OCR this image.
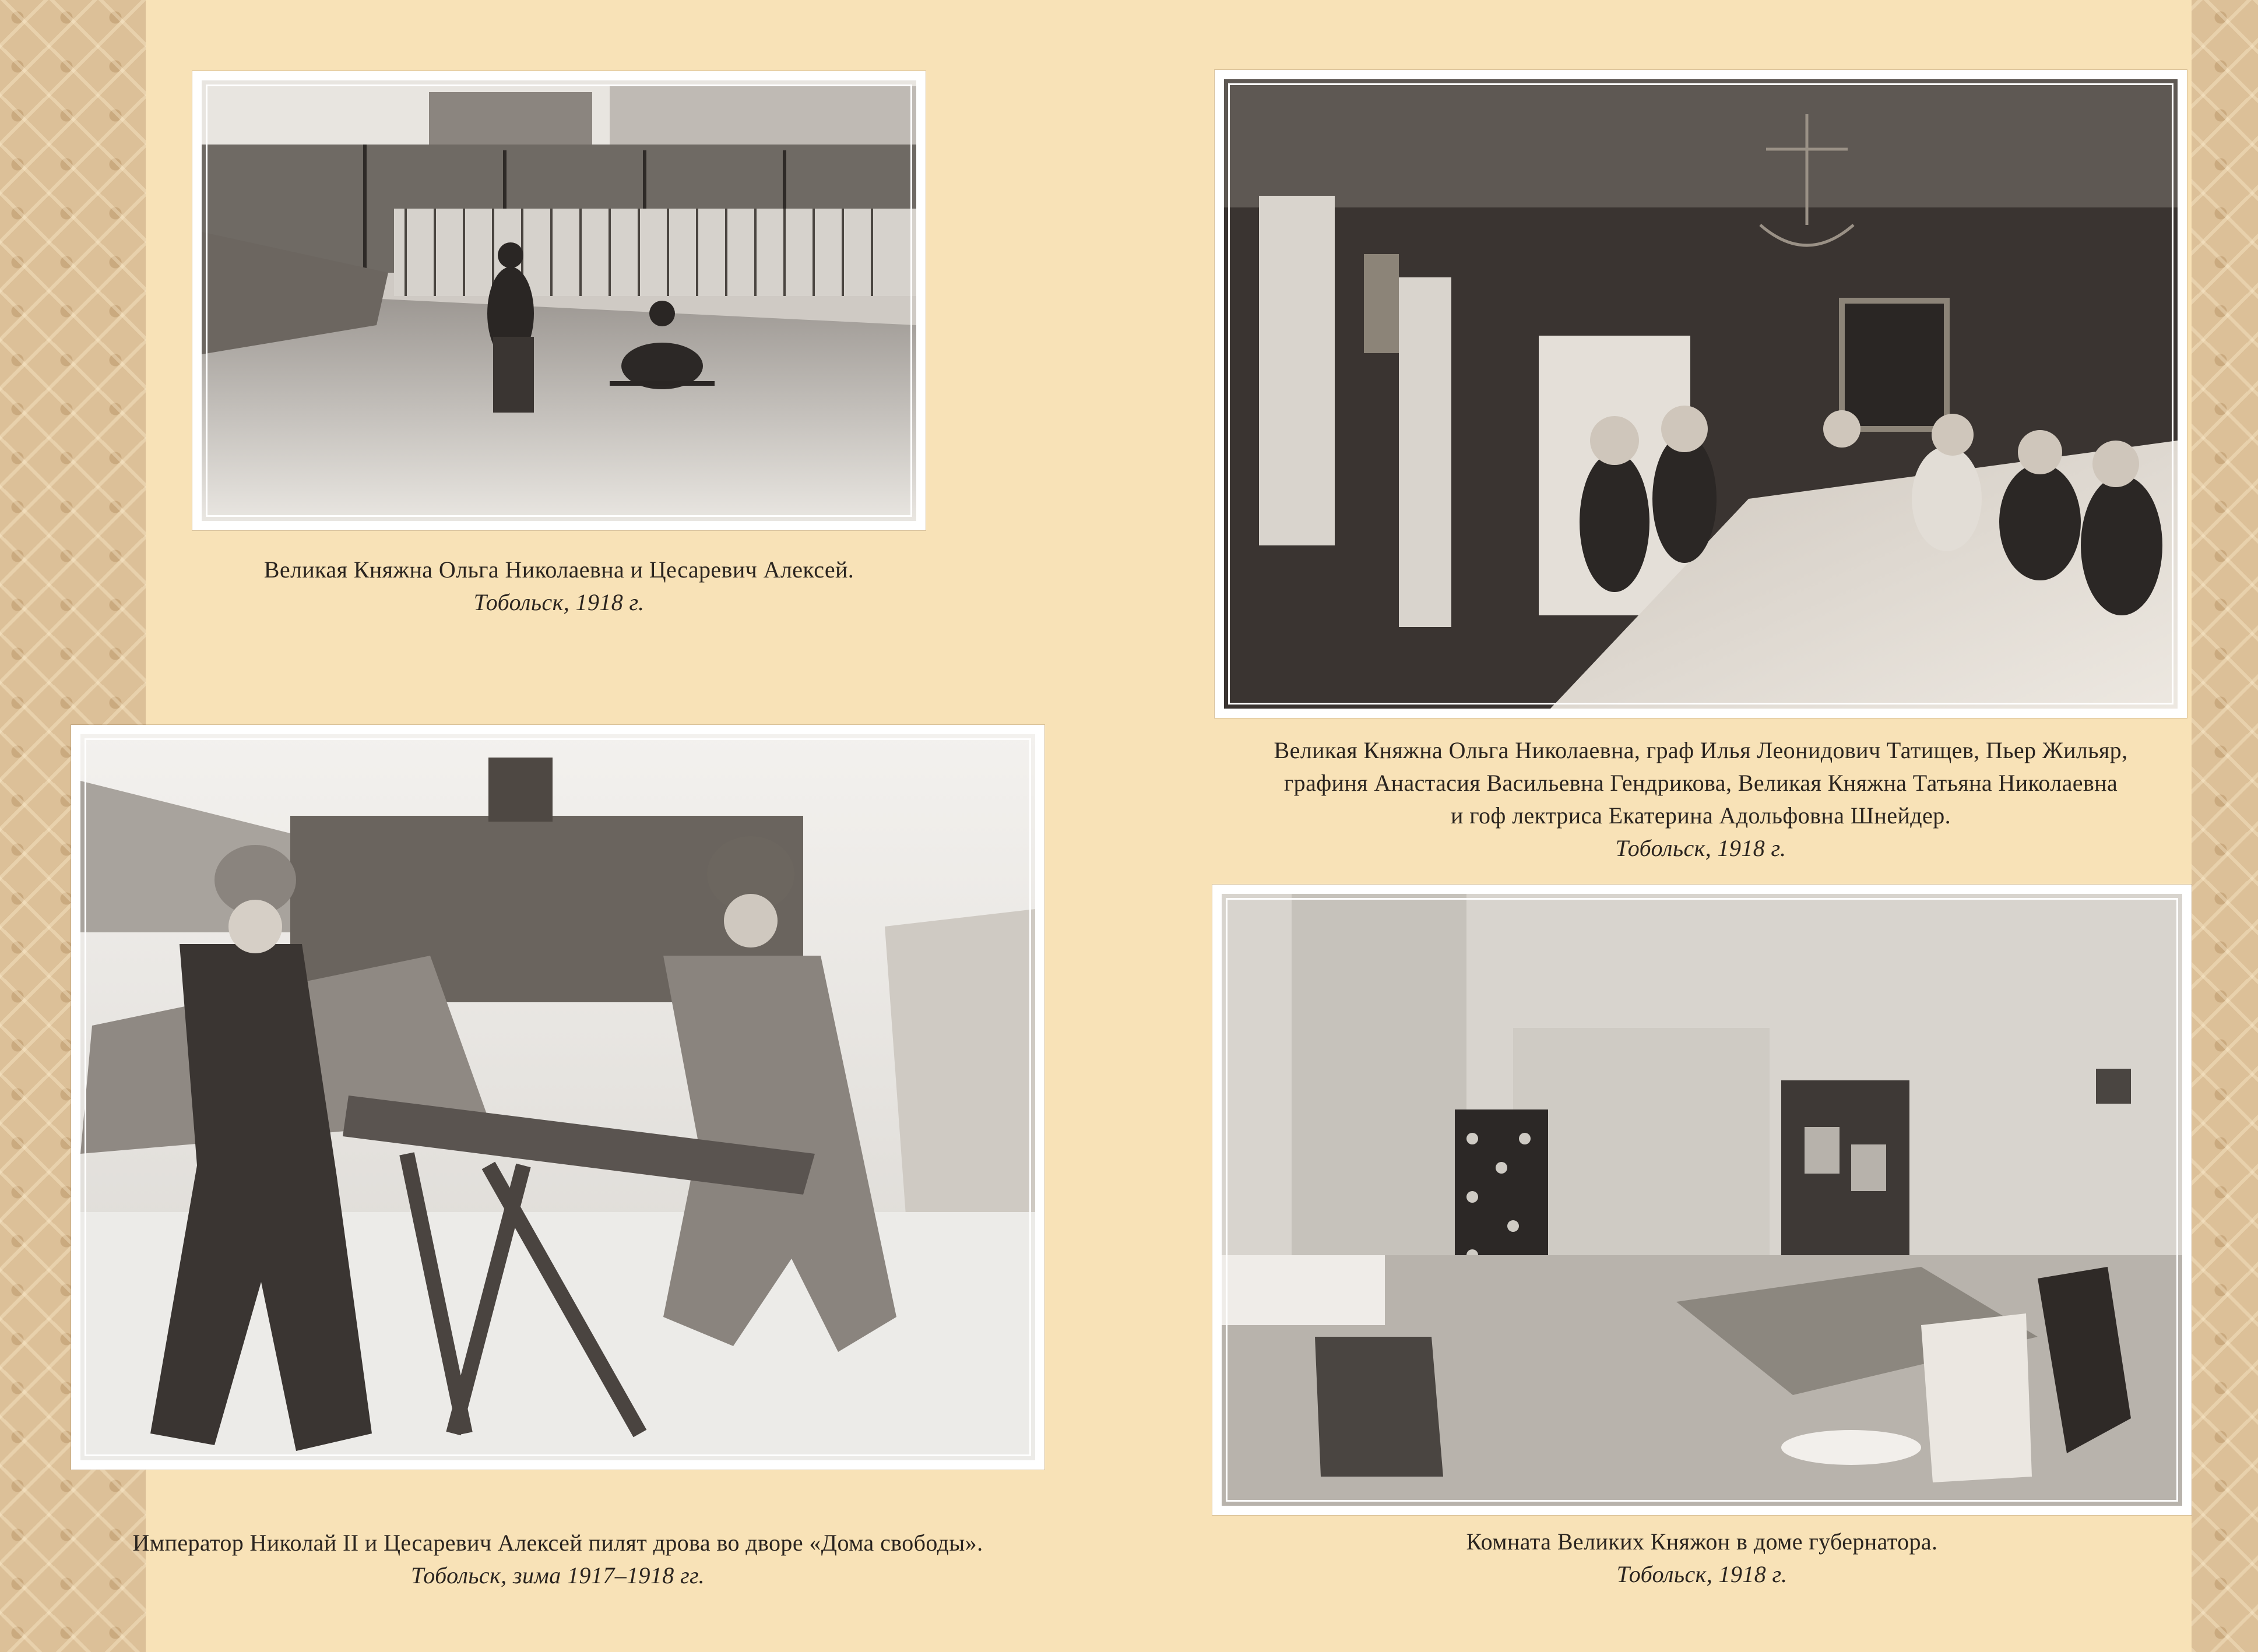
Великая Княжна Ольга Николаевна и Цесаревич Алексей.
Тобольск, 1918 г.
Великая Княжна Ольга Николаевна, граф Илья Леонидович Татищев, Пьер Жильяр,
графиня Анастасия Васильевна Гендрикова, Великая Княжна Татьяна Николаевна
и гоф лектриса Екатерина Адольфовна Шнейдер.
Тобольск, 1918 г.
Император Николай II и Цесаревич Алексей пилят дрова во дворе «Дома свободы».
Тобольск, зима 1917–1918 гг.
Комната Великих Княжон в доме губернатора.
Тобольск, 1918 г.
